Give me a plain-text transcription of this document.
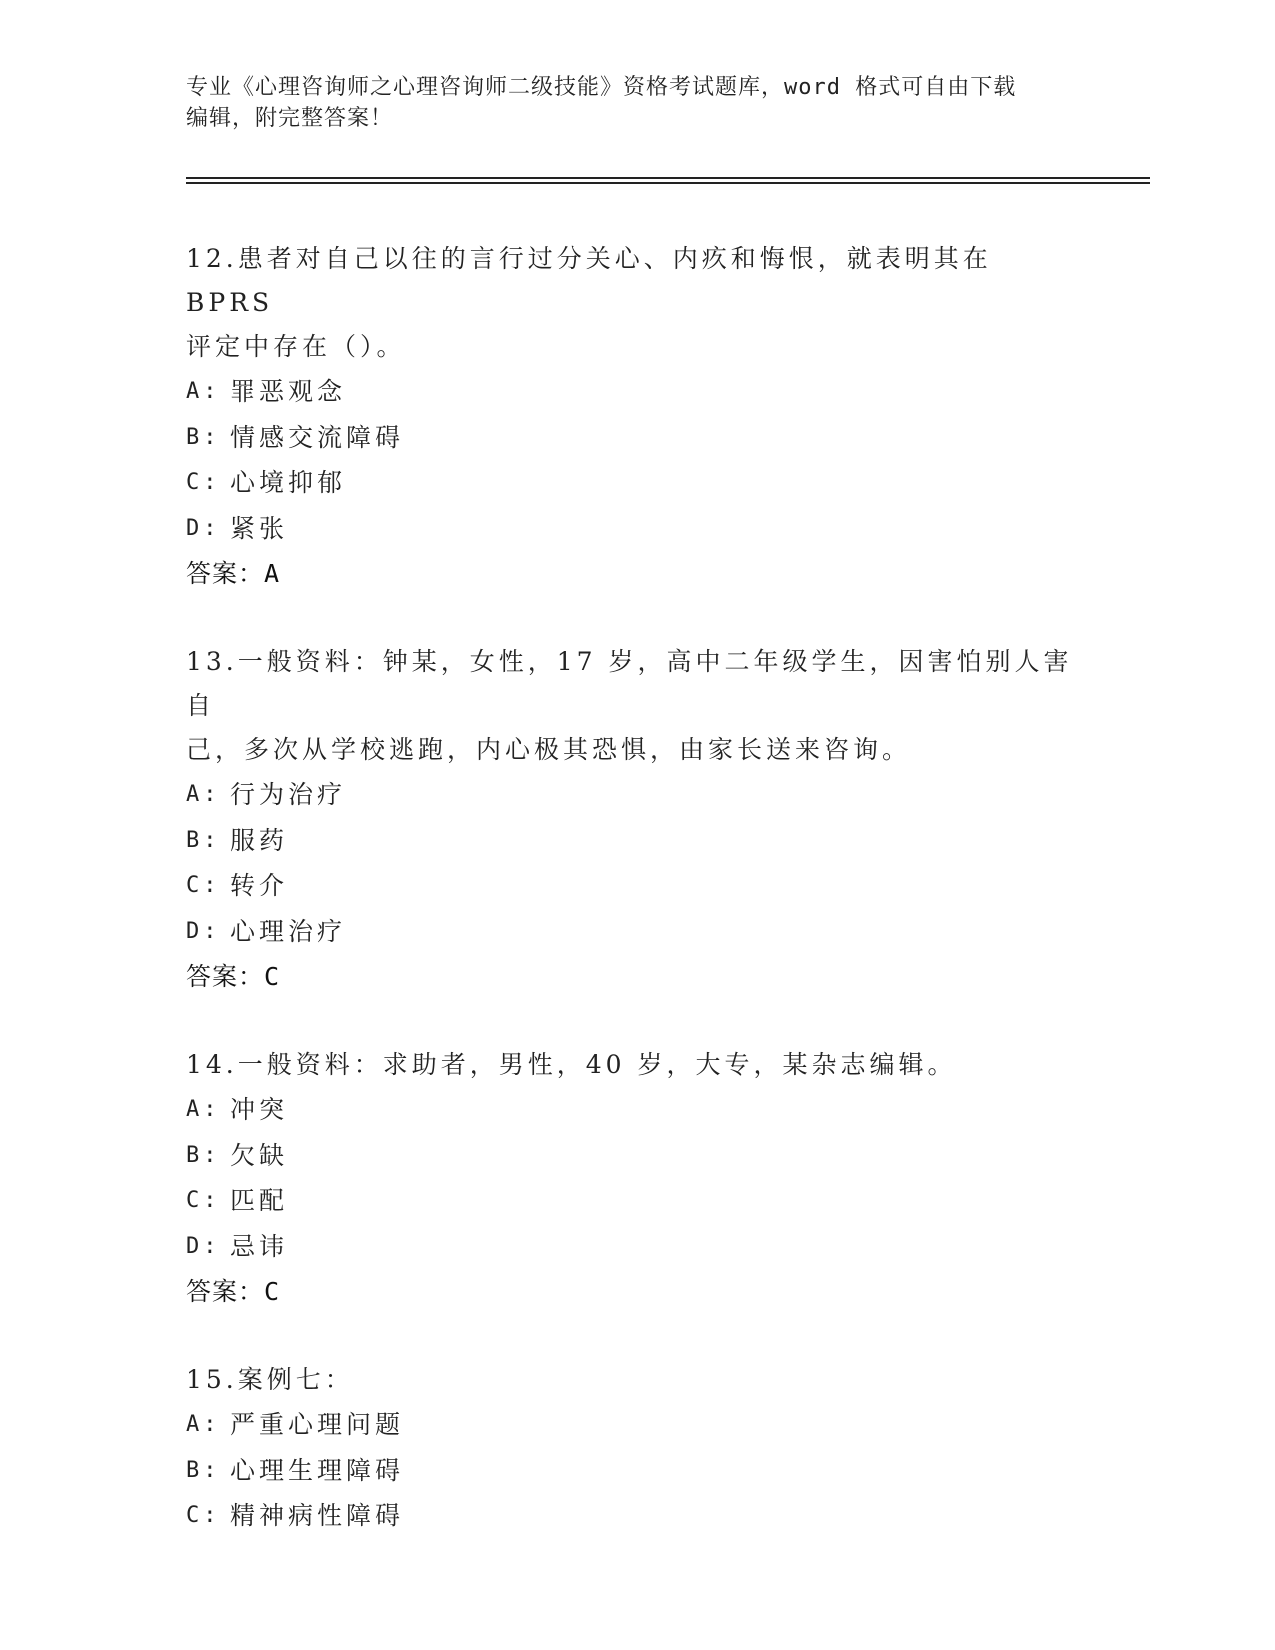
专业《心理咨询师之心理咨询师二级技能》资格考试题库，word 格式可自由下载
编辑，附完整答案！
12.患者对自己以往的言行过分关心、内疚和悔恨，就表明其在 BPRS
评定中存在（）。
A: 罪恶观念
B: 情感交流障碍
C: 心境抑郁
D: 紧张
答案：A
13.一般资料：钟某，女性，17 岁，高中二年级学生，因害怕别人害自
己，多次从学校逃跑，内心极其恐惧，由家长送来咨询。
A: 行为治疗
B: 服药
C: 转介
D: 心理治疗
答案：C
14.一般资料：求助者，男性，40 岁，大专，某杂志编辑。
A: 冲突
B: 欠缺
C: 匹配
D: 忌讳
答案：C
15.案例七：
A: 严重心理问题
B: 心理生理障碍
C: 精神病性障碍
